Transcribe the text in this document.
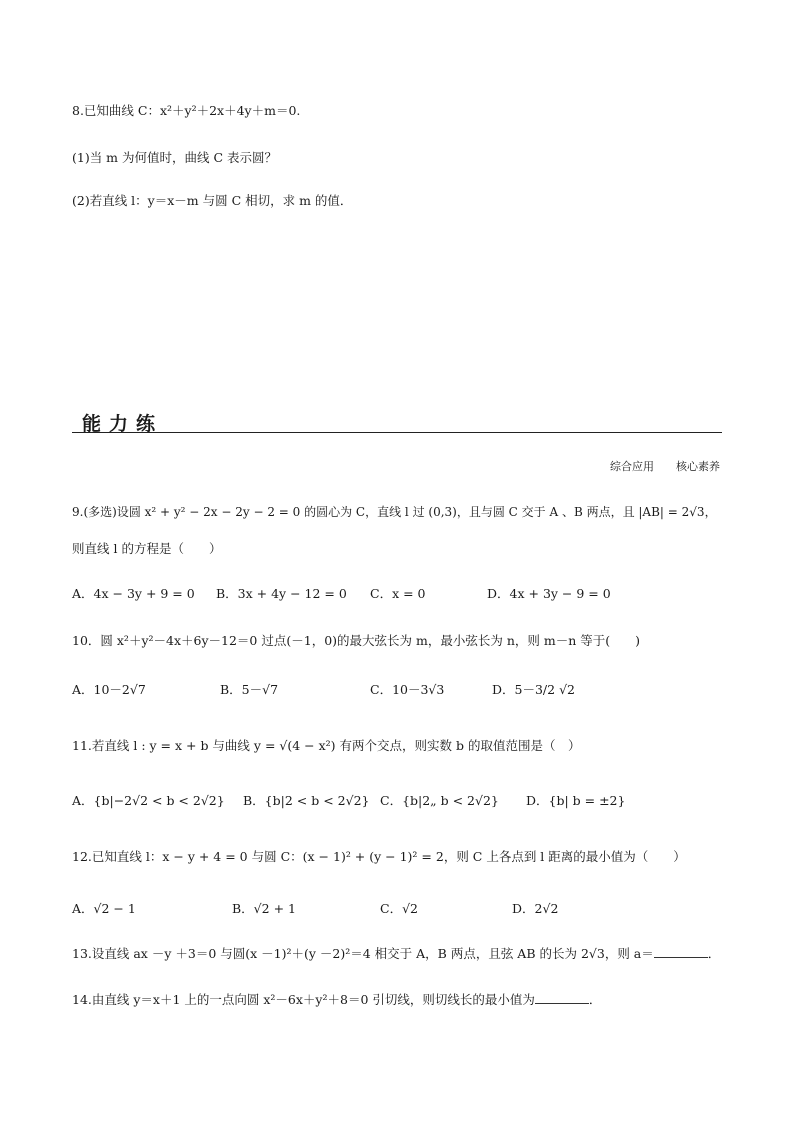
8.已知曲线 C：x²＋y²＋2x＋4y＋m＝0.
(1)当 m 为何值时，曲线 C 表示圆？
(2)若直线 l：y＝x－m 与圆 C 相切，求 m 的值．
能力练
综合应用 核心素养
9.(多选)设圆 x² + y² − 2x − 2y − 2 = 0 的圆心为 C，直线 l 过 (0,3)，且与圆 C 交于 A 、B 两点，且 |AB| = 2√3，
则直线 l 的方程是（　　）
A．4x − 3y + 9 = 0 B．3x + 4y − 12 = 0 C．x = 0	D．4x + 3y − 9 = 0
10．圆 x²＋y²－4x＋6y－12＝0 过点(－1，0)的最大弦长为 m，最小弦长为 n，则 m－n 等于(　　)
A．10－2√7	B．5－√7	C．10－3√3	D．5－3/2 √2
11.若直线 l : y = x + b 与曲线 y = √(4 − x²) 有两个交点，则实数 b 的取值范围是（　）
A．{b|−2√2 < b < 2√2} B．{b|2 < b < 2√2} C．{b|2„ b < 2√2} D．{b| b = ±2}
12.已知直线 l：x − y + 4 = 0 与圆 C：(x − 1)² + (y − 1)² = 2，则 C 上各点到 l 距离的最小值为（　　）
A．√2 − 1	B．√2 + 1	C．√2	D．2√2
13.设直线 ax －y ＋3＝0 与圆(x －1)²＋(y －2)²＝4 相交于 A，B 两点，且弦 AB 的长为 2√3，则 a＝	．
14.由直线 y＝x＋1 上的一点向圆 x²－6x＋y²＋8＝0 引切线，则切线长的最小值为	．
